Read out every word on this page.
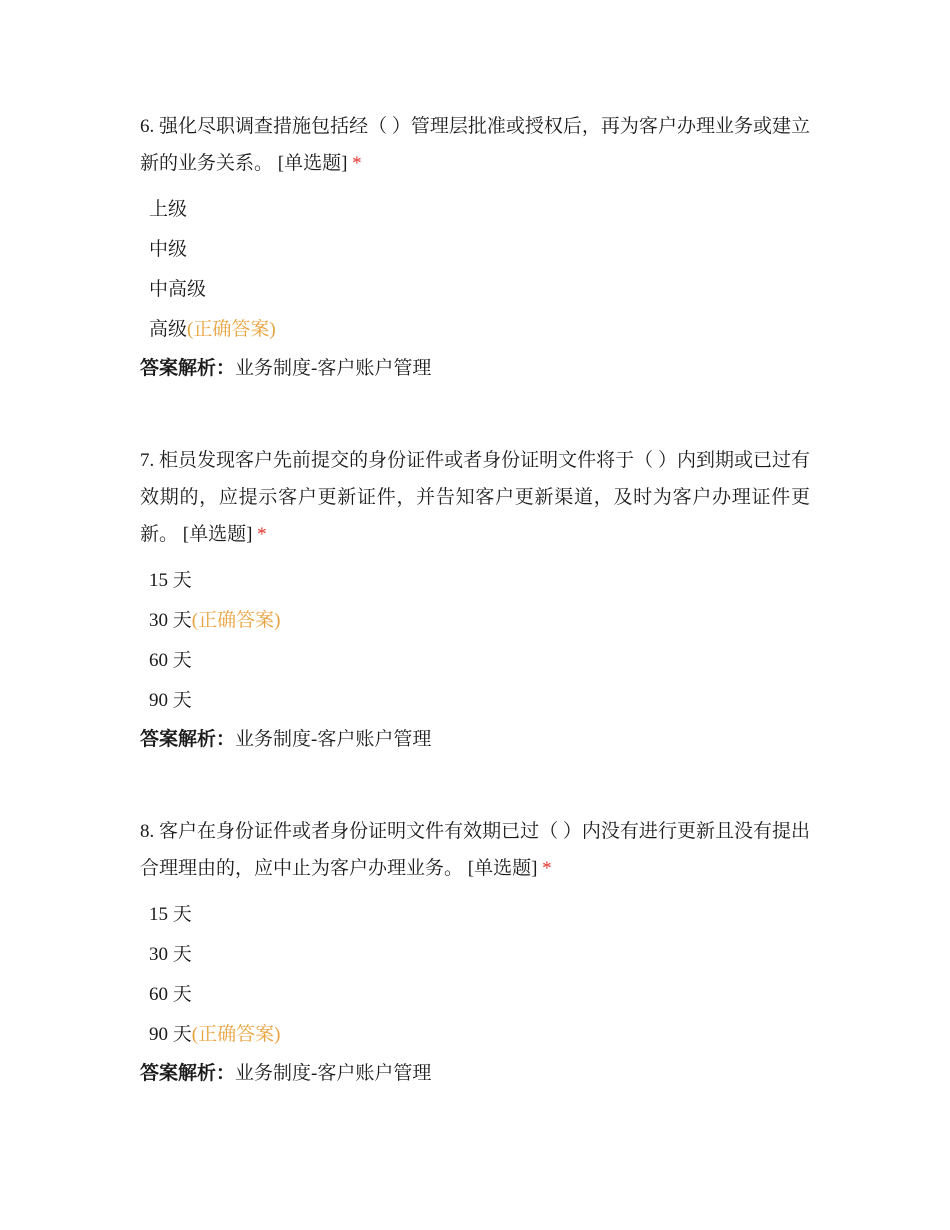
6. 强化尽职调查措施包括经（ ）管理层批准或授权后，再为客户办理业务或建立新的业务关系。 [单选题] *

上级
中级
中高级
高级(正确答案)
答案解析：业务制度-客户账户管理

7. 柜员发现客户先前提交的身份证件或者身份证明文件将于（ ）内到期或已过有效期的，应提示客户更新证件，并告知客户更新渠道，及时为客户办理证件更新。 [单选题] *

15 天
30 天(正确答案)
60 天
90 天
答案解析：业务制度-客户账户管理

8. 客户在身份证件或者身份证明文件有效期已过（ ）内没有进行更新且没有提出合理理由的，应中止为客户办理业务。 [单选题] *

15 天
30 天
60 天
90 天(正确答案)
答案解析：业务制度-客户账户管理
